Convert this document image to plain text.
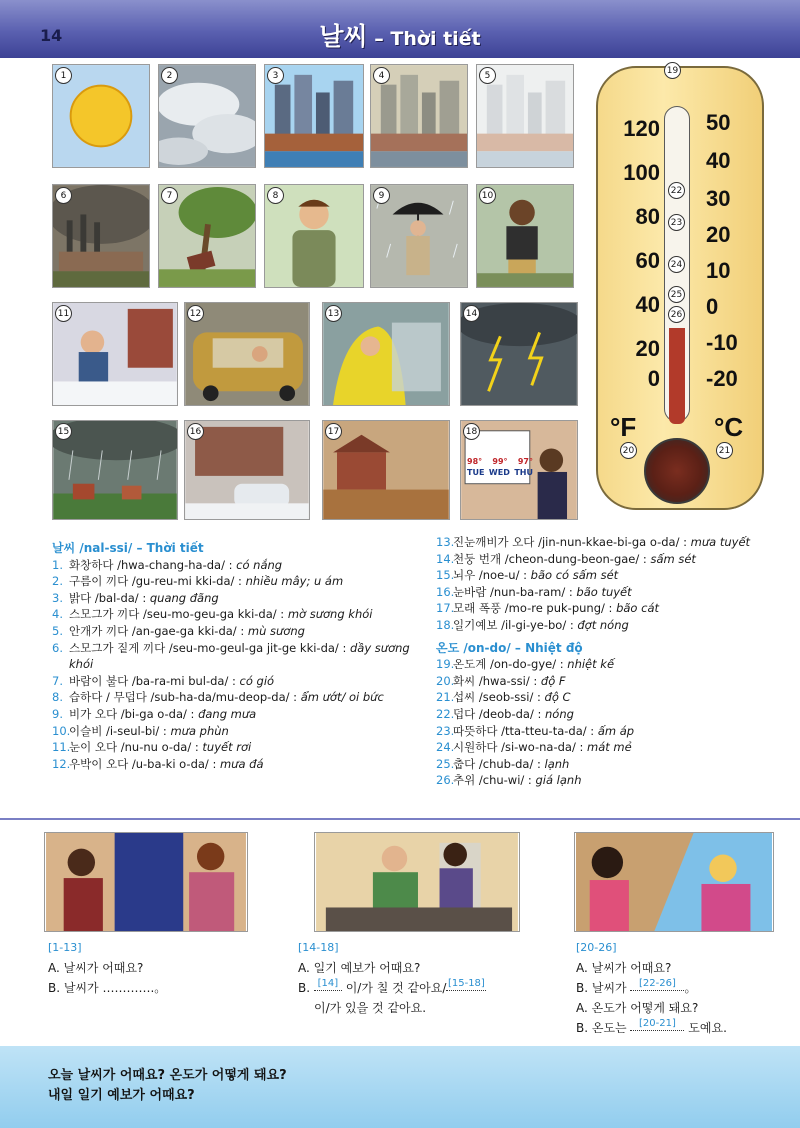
14	날씨 – Thời tiết
1	2	3	4	5
6	7	8	9	10
11	12	13	14
15	16	17	18
98° 99° 97°
TUE WED THU
19
120
100
80
60
40
20
0
50
40
30
20
10
0
-10
-20
°F	°C
20	21
22
23
24
25
26
날씨 /nal-ssi/ – Thời tiết
1. 화창하다 /hwa-chang-ha-da/ : có nắng
2. 구름이 끼다 /gu-reu-mi kki-da/ : nhiều mây; u ám
3. 밝다 /bal-da/ : quang đãng
4. 스모그가 끼다 /seu-mo-geu-ga kki-da/ : mờ sương khói
5. 안개가 끼다 /an-gae-ga kki-da/ : mù sương
6. 스모그가 짙게 끼다 /seu-mo-geul-ga jit-ge kki-da/ : dầy sương khói
7. 바람이 불다 /ba-ra-mi bul-da/ : có gió
8. 습하다 / 무덥다 /sub-ha-da/mu-deop-da/ : ẩm ướt/ oi bức
9. 비가 오다 /bi-ga o-da/ : đang mưa
10.
이슬비 /i-seul-bi/ : mưa phùn
11.
눈이 오다 /nu-nu o-da/ : tuyết rơi
12.
우박이 오다 /u-ba-ki o-da/ : mưa đá
13.
진눈깨비가 오다 /jin-nun-kkae-bi-ga o-da/ : mưa tuyết
14.
천둥 번개 /cheon-dung-beon-gae/ : sấm sét
15.
뇌우 /noe-u/ : bão có sấm sét
16.
눈바람 /nun-ba-ram/ : bão tuyết
17.
모래 폭풍 /mo-re puk-pung/ : bão cát
18.
일기예보 /il-gi-ye-bo/ : đợt nóng
온도 /on-do/ – Nhiệt độ
19.
온도계 /on-do-gye/ : nhiệt kế
20.
화씨 /hwa-ssi/ : độ F
21.
섭씨 /seob-ssi/ : độ C
22.
덥다 /deob-da/ : nóng
23.
따뜻하다 /tta-tteu-ta-da/ : ấm áp
24.
시원하다 /si-wo-na-da/ : mát mẻ
25.
춥다 /chub-da/ : lạnh
26.
추위 /chu-wi/ : giá lạnh
[1-13]
A. 날씨가 어때요?
B. 날씨가 ………….。
[14-18]
A. 일기 예보가 어때요?
B. [14] 이/가 칠 것 같아요/ [15-18]
이/가 있을 것 같아요.
[20-26]
A. 날씨가 어때요?
B. 날씨가 [22-26] 。
A. 온도가 어떻게 돼요?
B. 온도는 [20-21] 도예요.
오늘 날씨가 어때요? 온도가 어떻게 돼요?
내일 일기 예보가 어때요?
